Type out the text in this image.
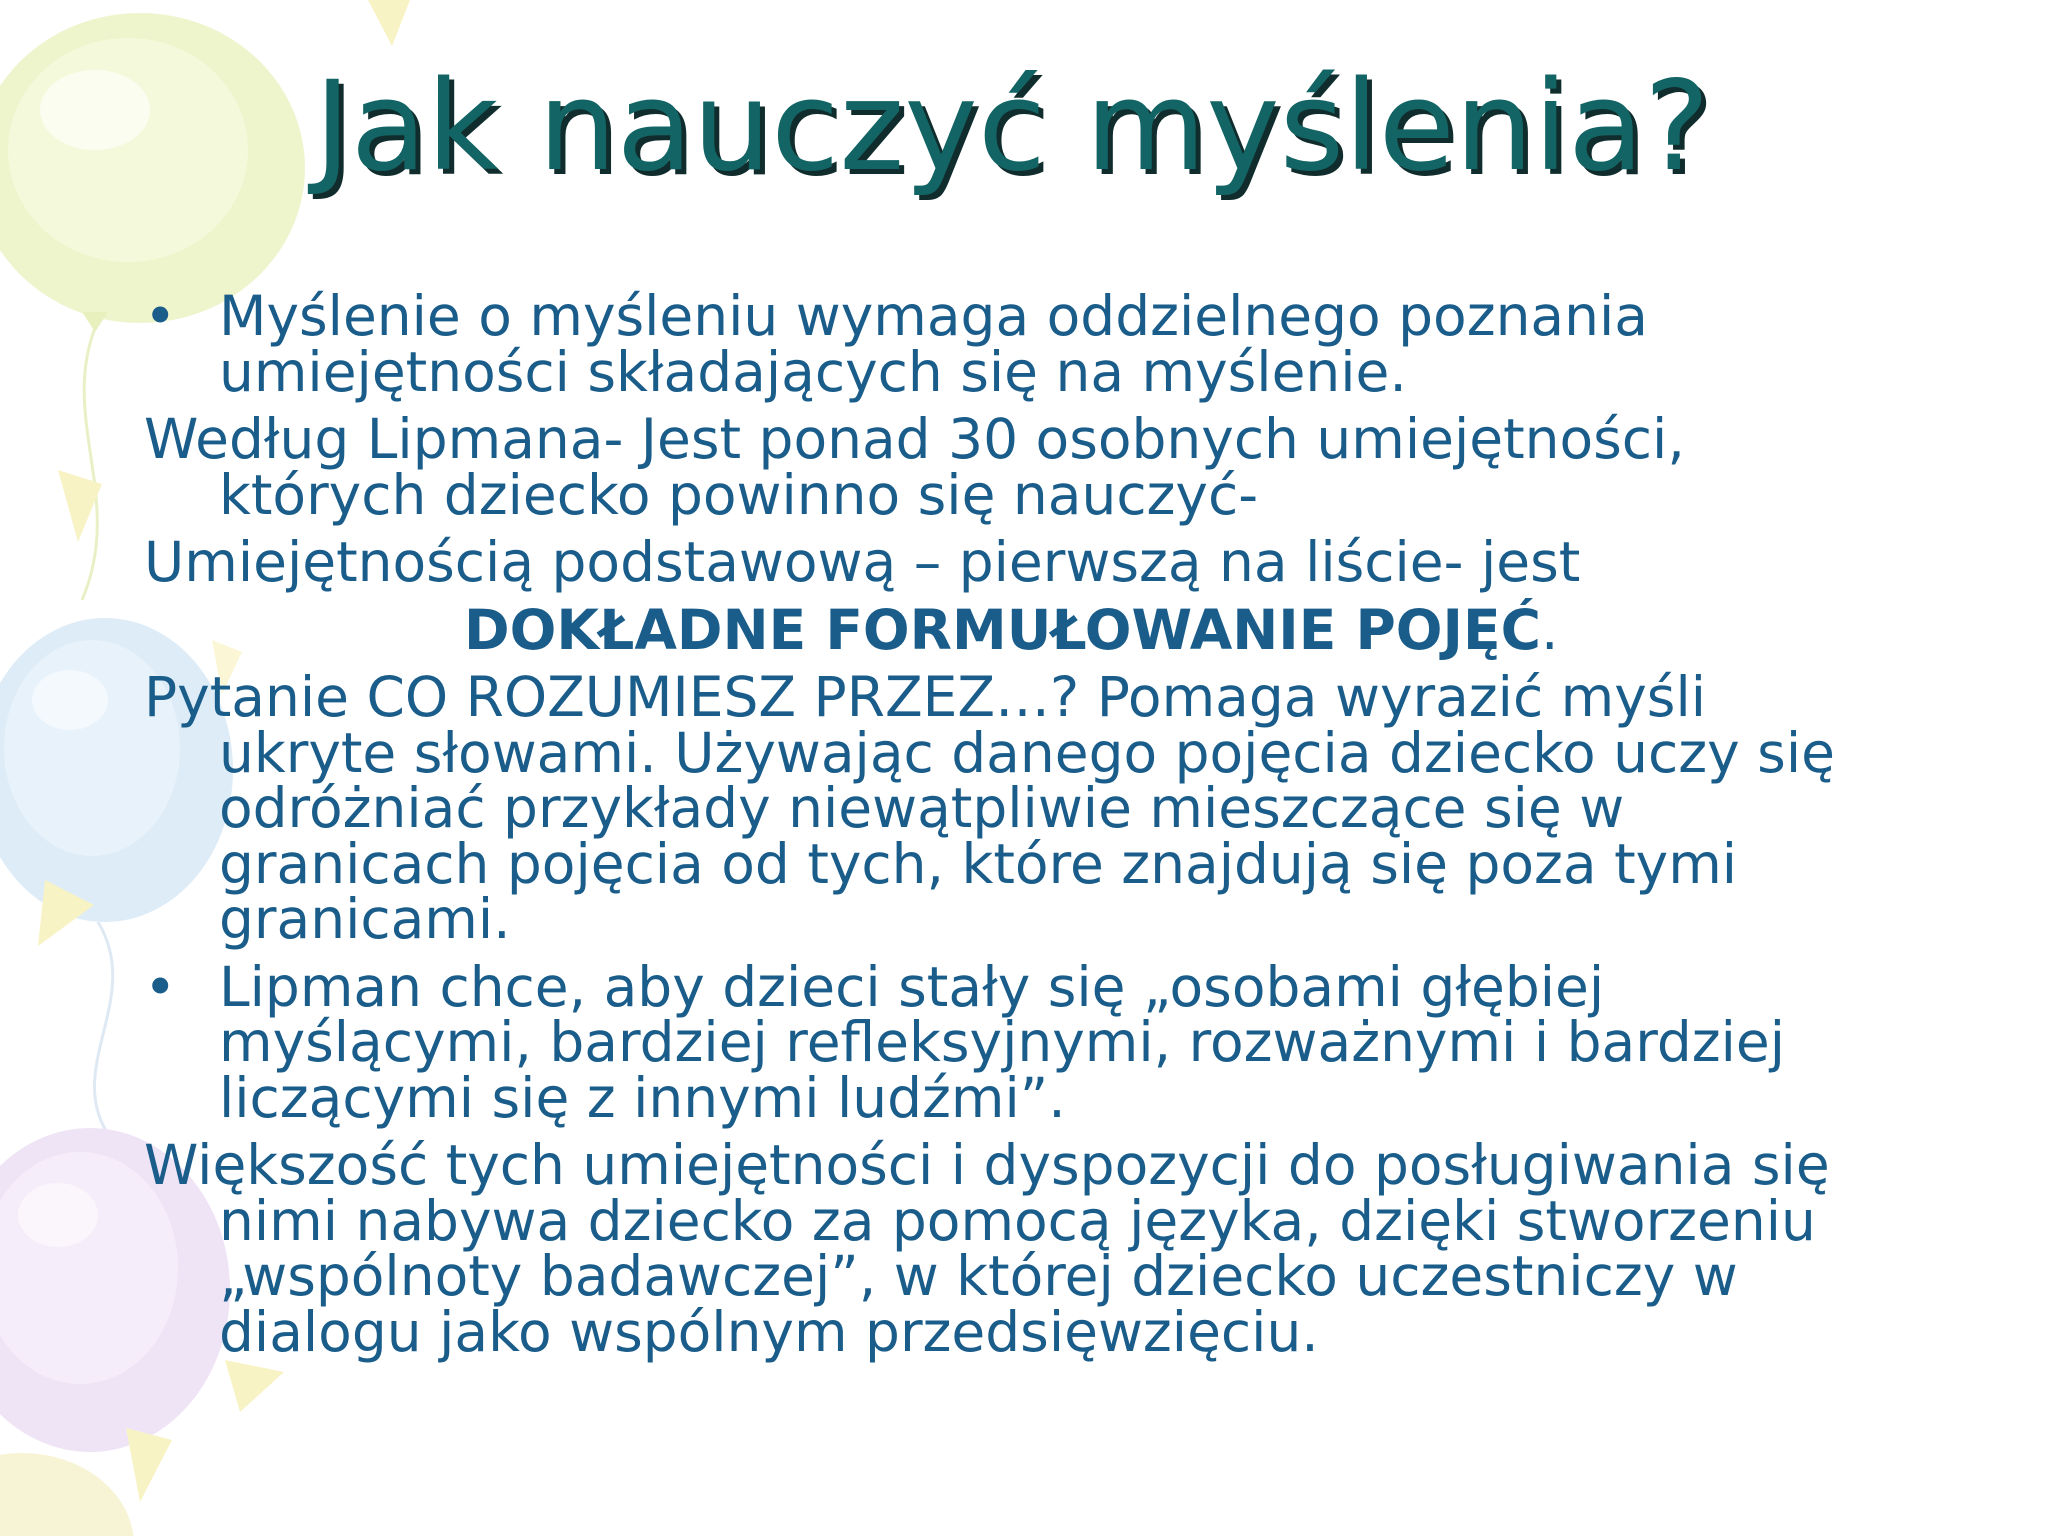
Jak nauczyć myślenia?
• Myślenie o myśleniu wymaga oddzielnego poznania
umiejętności składających się na myślenie.
Według Lipmana- Jest ponad 30 osobnych umiejętności,
których dziecko powinno się nauczyć-
Umiejętnością podstawową – pierwszą na liście- jest
DOKŁADNE FORMUŁOWANIE POJĘĆ.
Pytanie CO ROZUMIESZ PRZEZ…? Pomaga wyrazić myśli
ukryte słowami. Używając danego pojęcia dziecko uczy się
odróżniać przykłady niewątpliwie mieszczące się w
granicach pojęcia od tych, które znajdują się poza tymi
granicami.
• Lipman chce, aby dzieci stały się „osobami głębiej
myślącymi, bardziej refleksyjnymi, rozważnymi i bardziej
liczącymi się z innymi ludźmi”.
Większość tych umiejętności i dyspozycji do posługiwania się
nimi nabywa dziecko za pomocą języka, dzięki stworzeniu
„wspólnoty badawczej”, w której dziecko uczestniczy w
dialogu jako wspólnym przedsięwzięciu.
